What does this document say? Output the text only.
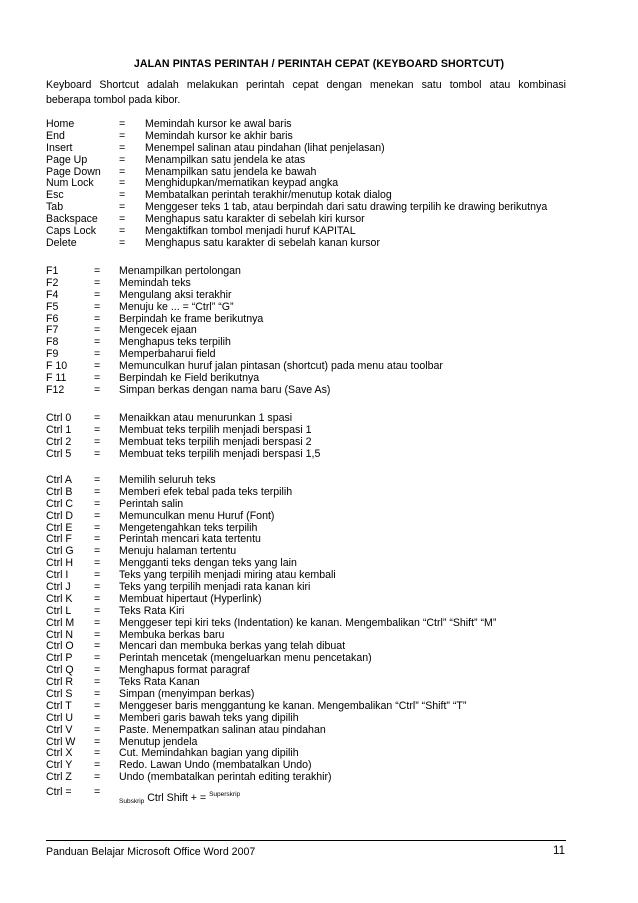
JALAN PINTAS PERINTAH / PERINTAH CEPAT (KEYBOARD SHORTCUT)
Keyboard Shortcut adalah melakukan perintah cepat dengan menekan satu tombol atau kombinasi
beberapa tombol pada kibor.
Home	= Memindah kursor ke awal baris
End	= Memindah kursor ke akhir baris
Insert	= Menempel salinan atau pindahan (lihat penjelasan)
Page Up	= Menampilkan satu jendela ke atas
Page Down = Menampilkan satu jendela ke bawah
Num Lock = Menghidupkan/mematikan keypad angka
Esc	= Membatalkan perintah terakhir/menutup kotak dialog
Tab	= Menggeser teks 1 tab, atau berpindah dari satu drawing terpilih ke drawing berikutnya
Backspace = Menghapus satu karakter di sebelah kiri kursor
Caps Lock = Mengaktifkan tombol menjadi huruf KAPITAL
Delete	= Menghapus satu karakter di sebelah kanan kursor
F1	= Menampilkan pertolongan
F2	= Memindah teks
F4	= Mengulang aksi terakhir
F5	= Menuju ke ... = “Ctrl” “G”
F6	= Berpindah ke frame berikutnya
F7	= Mengecek ejaan
F8	= Menghapus teks terpilih
F9	= Memperbaharui field
F 10	= Memunculkan huruf jalan pintasan (shortcut) pada menu atau toolbar
F 11	= Berpindah ke Field berikutnya
F12	= Simpan berkas dengan nama baru (Save As)
Ctrl 0 = Menaikkan atau menurunkan 1 spasi
Ctrl 1 = Membuat teks terpilih menjadi berspasi 1
Ctrl 2 = Membuat teks terpilih menjadi berspasi 2
Ctrl 5 = Membuat teks terpilih menjadi berspasi 1,5
Ctrl A = Memilih seluruh teks
Ctrl B = Memberi efek tebal pada teks terpilih
Ctrl C = Perintah salin
Ctrl D = Memunculkan menu Huruf (Font)
Ctrl E = Mengetengahkan teks terpilih
Ctrl F = Perintah mencari kata tertentu
Ctrl G = Menuju halaman tertentu
Ctrl H = Mengganti teks dengan teks yang lain
Ctrl I = Teks yang terpilih menjadi miring atau kembali
Ctrl J = Teks yang terpilih menjadi rata kanan kiri
Ctrl K = Membuat hipertaut (Hyperlink)
Ctrl L = Teks Rata Kiri
Ctrl M = Menggeser tepi kiri teks (Indentation) ke kanan. Mengembalikan “Ctrl” “Shift” “M”
Ctrl N = Membuka berkas baru
Ctrl O = Mencari dan membuka berkas yang telah dibuat
Ctrl P = Perintah mencetak (mengeluarkan menu pencetakan)
Ctrl Q = Menghapus format paragraf
Ctrl R = Teks Rata Kanan
Ctrl S = Simpan (menyimpan berkas)
Ctrl T = Menggeser baris menggantung ke kanan. Mengembalikan “Ctrl” “Shift” “T”
Ctrl U = Memberi garis bawah teks yang dipilih
Ctrl V = Paste. Menempatkan salinan atau pindahan
Ctrl W = Menutup jendela
Ctrl X = Cut. Memindahkan bagian yang dipilih
Ctrl Y = Redo. Lawan Undo (membatalkan Undo)
Ctrl Z = Undo (membatalkan perintah editing terakhir)
Ctrl = =
$_{Subskrip}$ Ctrl Shift + = $^{Superskrip}$
Panduan Belajar Microsoft Office Word 2007	11
